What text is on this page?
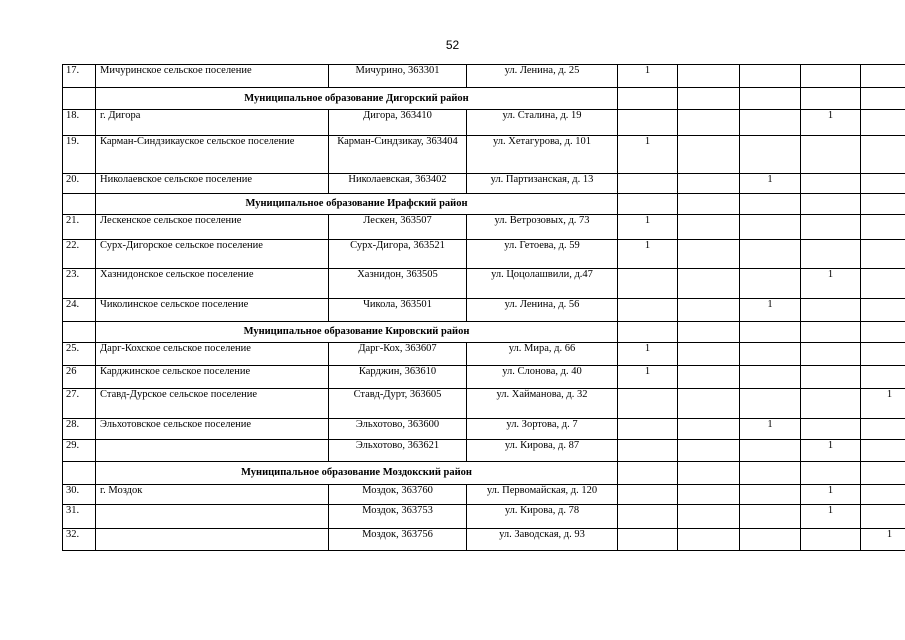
52
17.	Мичуринское сельское поселение	Мичурино, 363301	ул. Ленина, д. 25	1				
	Муниципальное образование Дигорский район							
18.	г. Дигора	Дигора, 363410	ул. Сталина, д. 19				1	
19.	Карман-Синдзикауское сельское поселение	Карман-Синдзикау, 363404	ул. Хетагурова, д. 101	1				
20.	Николаевское сельское поселение	Николаевская, 363402	ул. Партизанская, д. 13			1		
	Муниципальное образование Ирафский район							
21.	Лескенское сельское поселение	Лескен, 363507	ул. Ветрозовых, д. 73	1				
22.	Сурх-Дигорское сельское поселение	Сурх-Дигора, 363521	ул. Гетоева, д. 59	1				
23.	Хазнидонское сельское поселение	Хазнидон, 363505	ул. Цоцолашвили, д.47				1	
24.	Чиколинское сельское поселение	Чикола, 363501	ул. Ленина, д. 56			1		
	Муниципальное образование Кировский район							
25.	Дарг-Кохское сельское поселение	Дарг-Кох, 363607	ул. Мира, д. 66	1				
26	Карджинское сельское поселение	Карджин, 363610	ул. Слонова, д. 40	1				
27.	Ставд-Дурское сельское поселение	Ставд-Дурт, 363605	ул. Хайманова, д. 32					1
28.	Эльхотовское сельское поселение	Эльхотово, 363600	ул. Зортова, д. 7			1		
29.		Эльхотово, 363621	ул. Кирова, д. 87				1	
	Муниципальное образование Моздокский район							
30.	г. Моздок	Моздок, 363760	ул. Первомайская, д. 120				1	
31.		Моздок, 363753	ул. Кирова, д. 78				1	
32.		Моздок, 363756	ул. Заводская, д. 93					1
